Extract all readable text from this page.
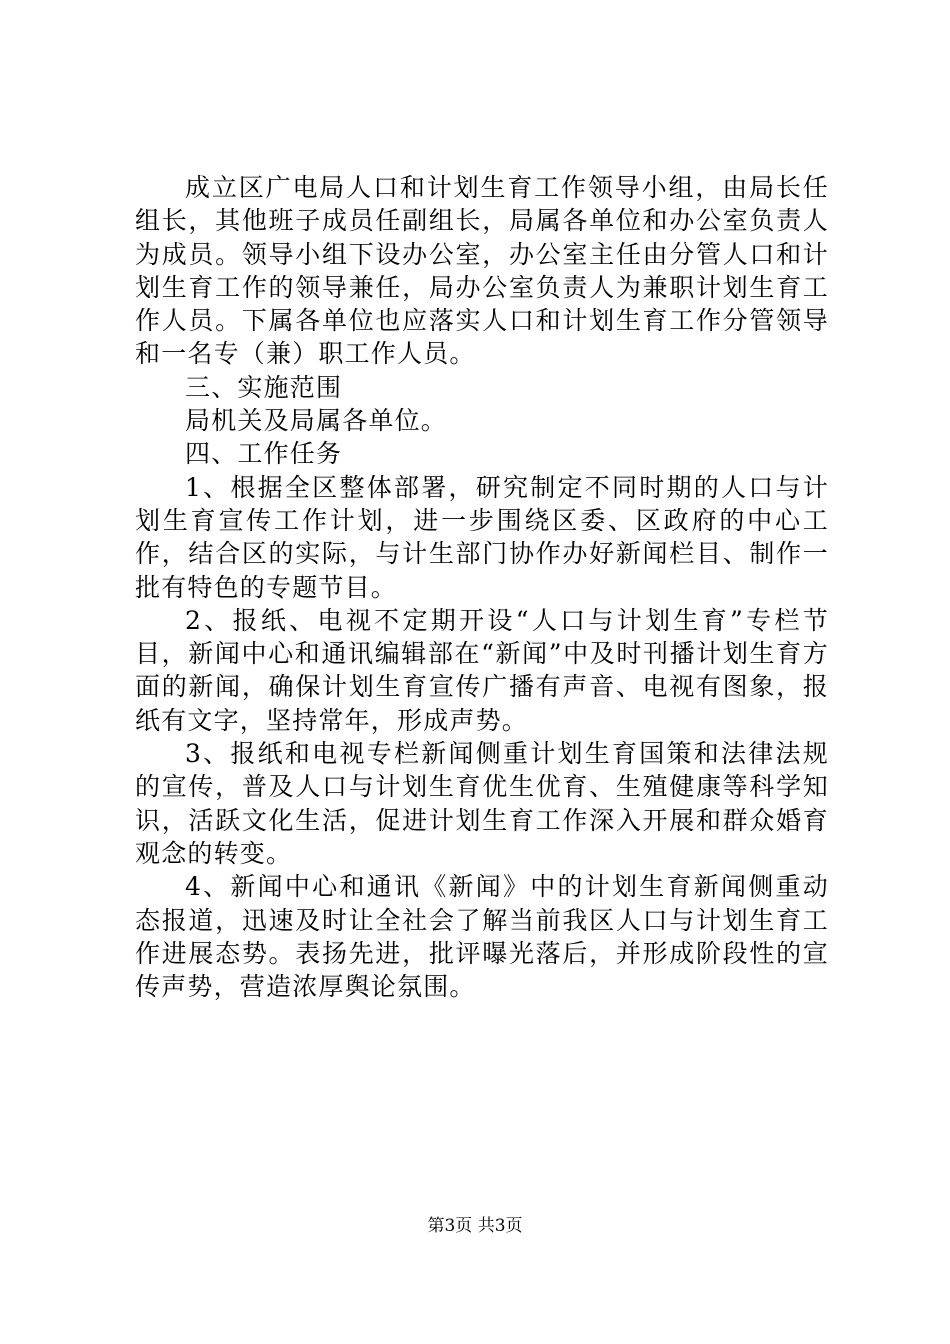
成立区广电局人口和计划生育工作领导小组，由局长任组长，其他班子成员任副组长，局属各单位和办公室负责人为成员。领导小组下设办公室，办公室主任由分管人口和计划生育工作的领导兼任，局办公室负责人为兼职计划生育工作人员。下属各单位也应落实人口和计划生育工作分管领导和一名专（兼）职工作人员。

三、实施范围

局机关及局属各单位。

四、工作任务

1、根据全区整体部署，研究制定不同时期的人口与计划生育宣传工作计划，进一步围绕区委、区政府的中心工作，结合区的实际，与计生部门协作办好新闻栏目、制作一批有特色的专题节目。

2、报纸、电视不定期开设“人口与计划生育”专栏节目，新闻中心和通讯编辑部在“新闻”中及时刊播计划生育方面的新闻，确保计划生育宣传广播有声音、电视有图象，报纸有文字，坚持常年，形成声势。

3、报纸和电视专栏新闻侧重计划生育国策和法律法规的宣传，普及人口与计划生育优生优育、生殖健康等科学知识，活跃文化生活，促进计划生育工作深入开展和群众婚育观念的转变。

4、新闻中心和通讯《新闻》中的计划生育新闻侧重动态报道，迅速及时让全社会了解当前我区人口与计划生育工作进展态势。表扬先进，批评曝光落后，并形成阶段性的宣传声势，营造浓厚舆论氛围。

第3页 共3页
